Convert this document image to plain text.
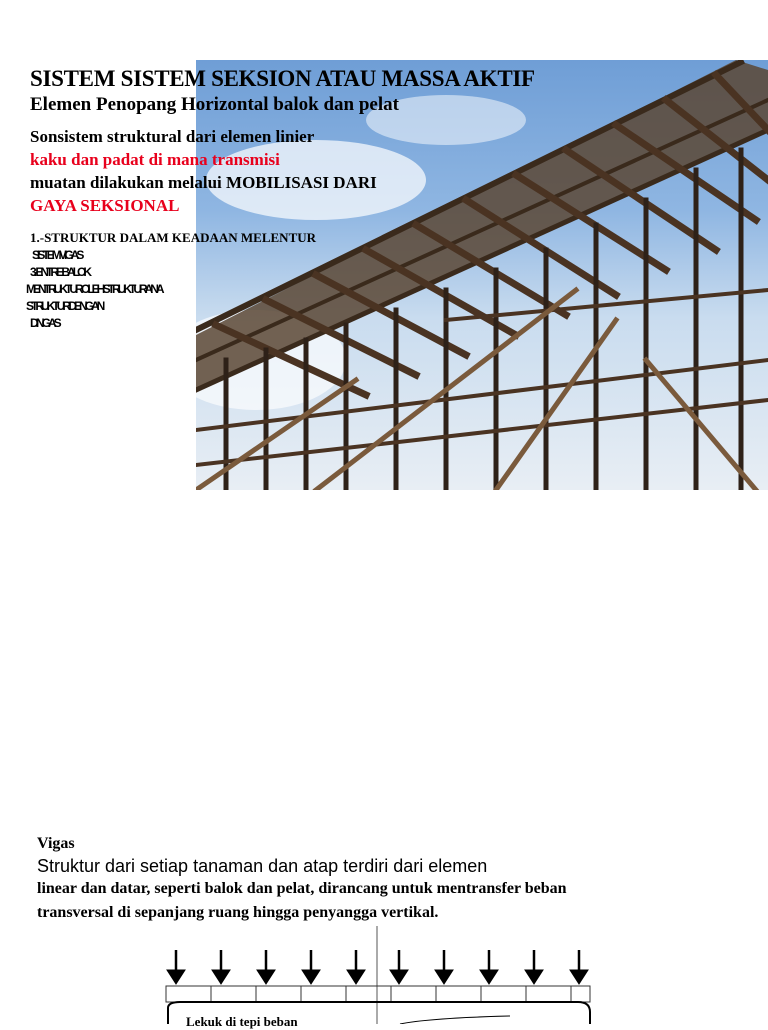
SISTEM SISTEM SEKSION ATAU MASSA AKTIF

Elemen Penopang Horizontal balok dan pelat

Sonsistem struktural dari elemen linier

kaku dan padat di mana transmisi

muatan dilakukan melalui MOBILISASI DARI

GAYA SEKSIONAL

1.-STRUKTUR DALAM KEADAAN MELENTUR

SISTEM VIGAS

3.- ENTRE BALOK

MENTRUKTUR OLEH STRUKTUR ANA

STRUKTUR DENGAN

DINGAS

Vigas

Struktur dari setiap tanaman dan atap terdiri dari elemen

linear dan datar, seperti balok dan pelat, dirancang untuk mentransfer beban

transversal di sepanjang ruang hingga penyangga vertikal.

Lekuk di tepi beban
